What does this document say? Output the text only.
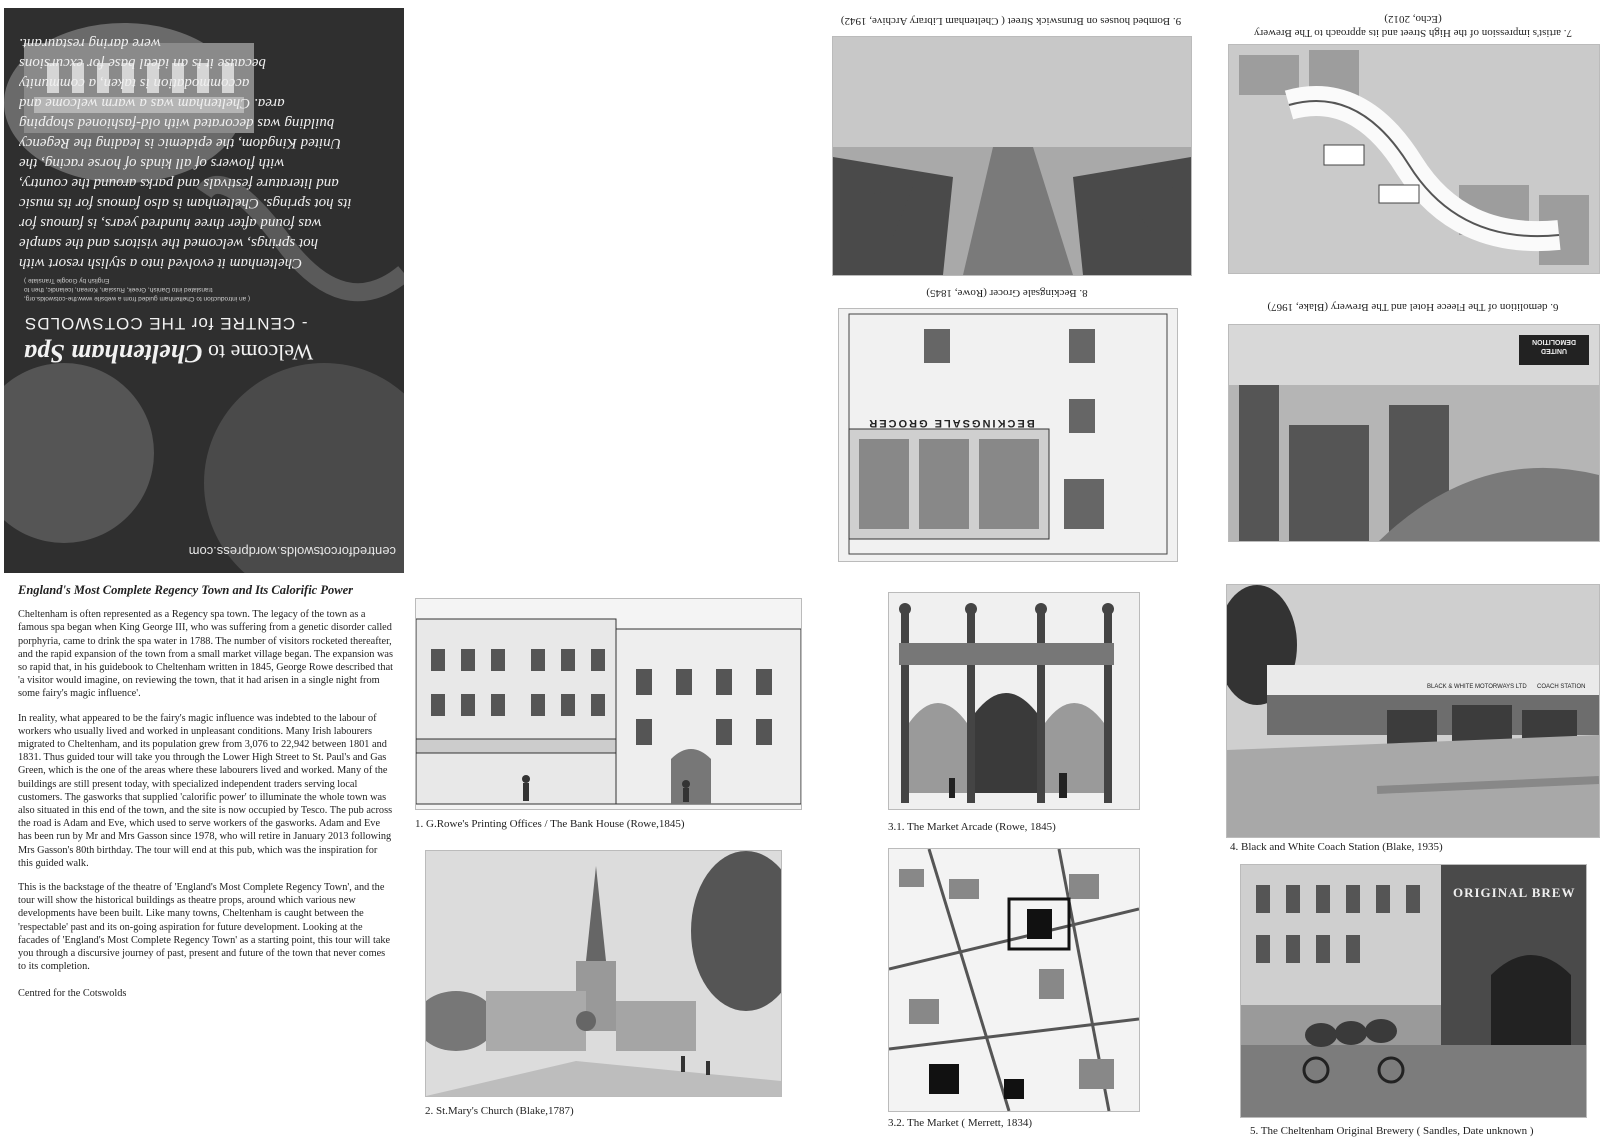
centredforcotswolds.wordpress.com
Welcome to Cheltenham Spa
- CENTRE for THE COTSWOLDS
( an introduction to Cheltenham guided from a website www.the-cotswolds.org,
translated into Danish, Greek, Russian, Korean, Icelandic, then to
English by Google Translate )
Cheltenham it evolved into a stylish resort with
hot springs, welcomed the visitors and the sample
was found after three hundred years, is famous for
its hot springs. Cheltenham is also famous for its music
and literature festivals and parks around the country,
with flowers of all kinds of horse racing, the
United Kingdom, the epidemic is leading the Regency
building was decorated with old-fashioned shopping
area. Cheltenham was a warm welcome and
accommodation is taken, a community
because it is an ideal base for excursions
were daring restaurant.
England's Most Complete Regency Town and Its Calorific Power

Cheltenham is often represented as a Regency spa town. The legacy of the town as a famous spa began when King George III, who was suffering from a genetic disorder called porphyria, came to drink the spa water in 1788. The number of visitors rocketed thereafter, and the rapid expansion of the town from a small market village began. The expansion was so rapid that, in his guidebook to Cheltenham written in 1845, George Rowe described that 'a visitor would imagine, on reviewing the town, that it had arisen in a single night from some fairy's magic influence'.

In reality, what appeared to be the fairy's magic influence was indebted to the labour of workers who usually lived and worked in unpleasant conditions. Many Irish labourers migrated to Cheltenham, and its population grew from 3,076 to 22,942 between 1801 and 1831. Thus guided tour will take you through the Lower High Street to St. Paul's and Gas Green, which is the one of the areas where these labourers lived and worked. Many of the buildings are still present today, with specialized independent traders serving local customers. The gasworks that supplied 'calorific power' to illuminate the whole town was also situated in this end of the town, and the site is now occupied by Tesco. The pub across the road is Adam and Eve, which used to serve workers of the gasworks. Adam and Eve has been run by Mr and Mrs Gasson since 1978, who will retire in January 2013 following Mrs Gasson's 80th birthday. The tour will end at this pub, which was the inspiration for this guided walk.

This is the backstage of the theatre of 'England's Most Complete Regency Town', and the tour will show the historical buildings as theatre props, around which various new developments have been built. Like many towns, Cheltenham is caught between the 'respectable' past and its on-going aspiration for future development. Looking at the facades of 'England's Most Complete Regency Town' as a starting point, this tour will take you through a discursive journey of past, present and future of the town that never comes to its completion.

Centred for the Cotswolds

1. G.Rowe's Printing Offices / The Bank House (Rowe,1845)
2. St.Mary's Church (Blake,1787)
3.1. The Market Arcade (Rowe, 1845)
3.2. The Market ( Merrett, 1834)
BLACK & WHITE MOTORWAYS LTD COACH STATION
4. Black and White Coach Station (Blake, 1935)
ORIGINAL BREW
5. The Cheltenham Original Brewery ( Sandles, Date unknown )
9. Bombed houses on Brunswick Street ( Cheltenham Library Archive, 1942)
7. artist's impression of the High Street and its approach to The Brewery
(Echo, 2012)
BECKINGSALE GROCER
8. Beckingsale Grocer (Rowe, 1845)
UNITED DEMOLITION
6. demolition of The Fleece Hotel and The Brewery (Blake, 1967)
